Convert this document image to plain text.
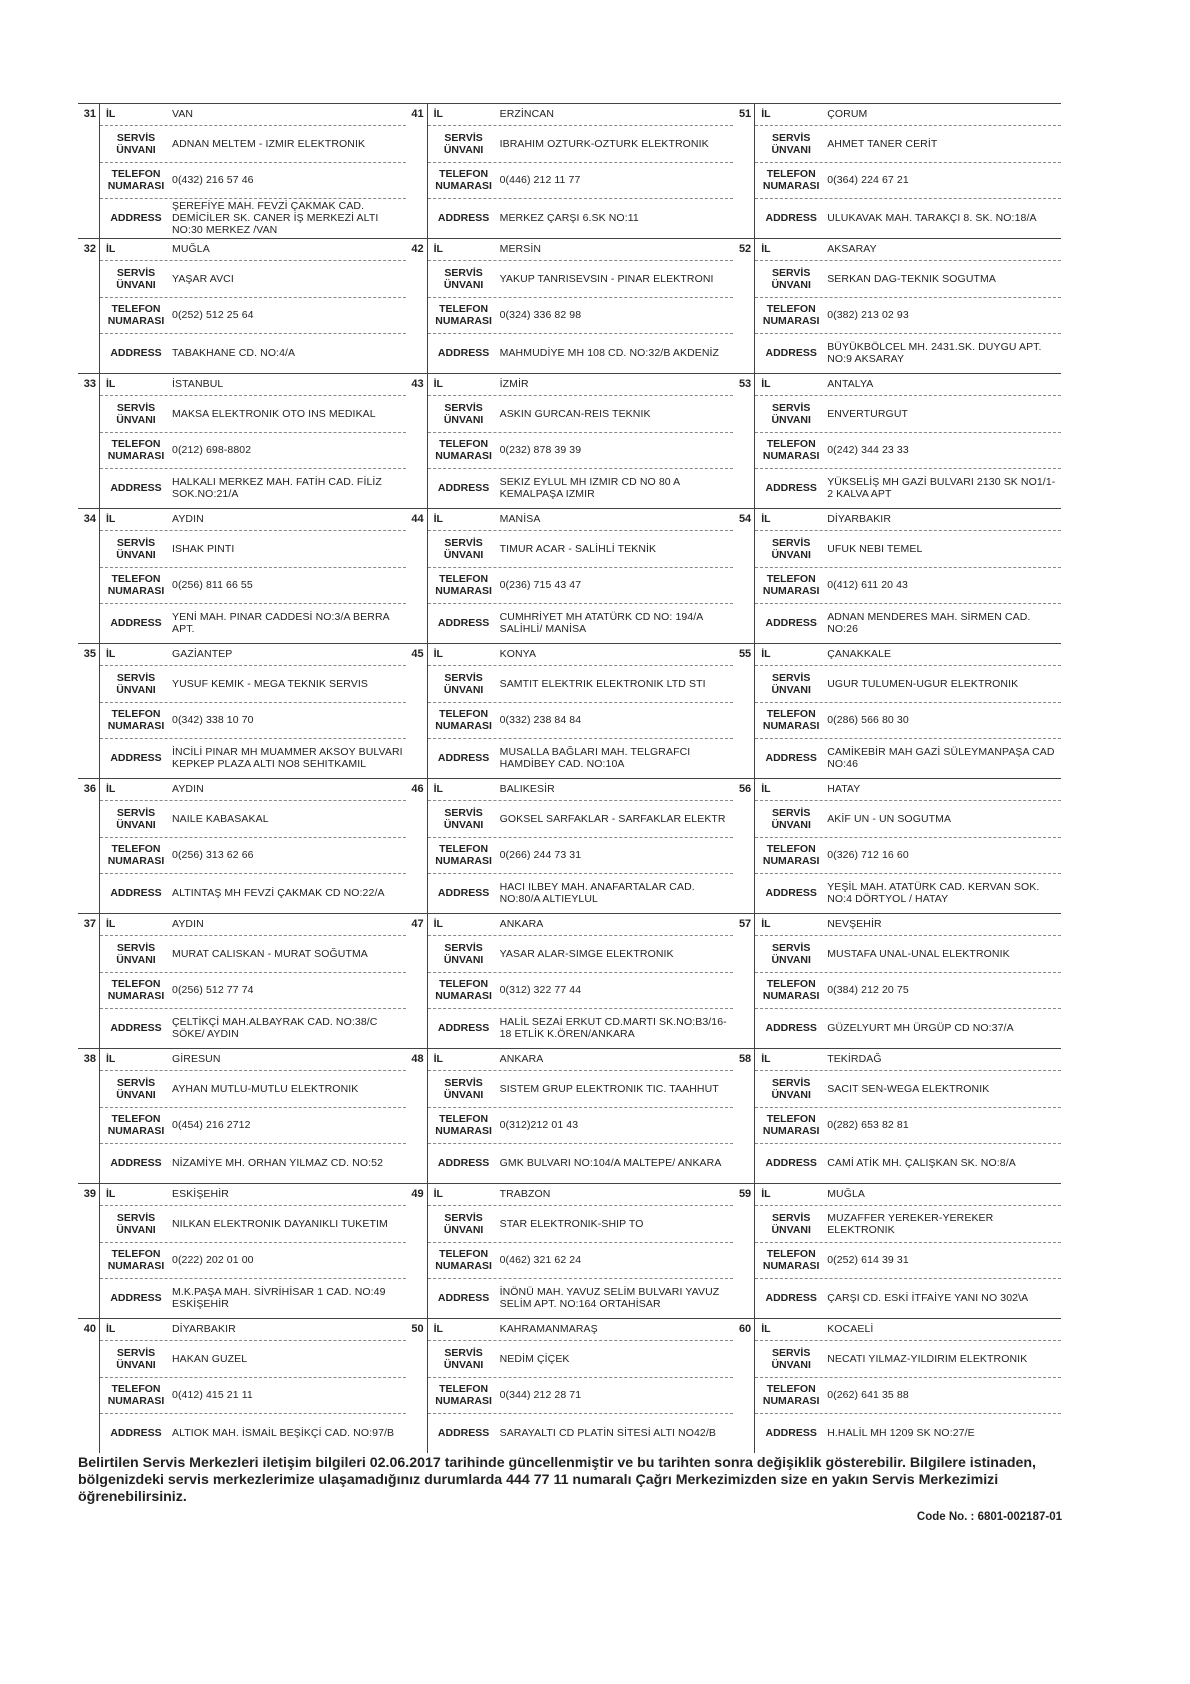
31 İL	VAN
SERVİS
ÜNVANI	ADNAN MELTEM - IZMIR ELEKTRONIK
TELEFON
NUMARASI 0(432) 216 57 46
ADDRESS
ŞEREFİYE MAH. FEVZİ ÇAKMAK CAD. DEMİCİLER SK. CANER İŞ MERKEZİ ALTI NO:30 MERKEZ /VAN
41 İL	ERZİNCAN
SERVİS
ÜNVANI	IBRAHIM OZTURK-OZTURK ELEKTRONIK
TELEFON
NUMARASI 0(446) 212 11 77
ADDRESS MERKEZ ÇARŞI 6.SK NO:11
51 İL	ÇORUM
SERVİS
ÜNVANI	AHMET TANER CERİT
TELEFON
NUMARASI 0(364) 224 67 21
ADDRESS ULUKAVAK MAH. TARAKÇI 8. SK. NO:18/A
32 İL	MUĞLA
SERVİS
ÜNVANI	YAŞAR AVCI
TELEFON
NUMARASI 0(252) 512 25 64
ADDRESS TABAKHANE CD. NO:4/A
42 İL	MERSİN
SERVİS
ÜNVANI	YAKUP TANRISEVSIN - PINAR ELEKTRONI
TELEFON
NUMARASI 0(324) 336 82 98
ADDRESS MAHMUDİYE MH 108 CD. NO:32/B AKDENİZ
52 İL	AKSARAY
SERVİS
ÜNVANI	SERKAN DAG-TEKNIK SOGUTMA
TELEFON
NUMARASI 0(382) 213 02 93
ADDRESS BÜYÜKBÖLCEL MH. 2431.SK. DUYGU APT. NO:9 AKSARAY
33 İL	İSTANBUL
SERVİS
ÜNVANI	MAKSA ELEKTRONIK OTO INS MEDIKAL
TELEFON
NUMARASI 0(212) 698-8802
ADDRESS HALKALI MERKEZ MAH. FATİH CAD. FİLİZ SOK.NO:21/A
43 İL	İZMİR
SERVİS
ÜNVANI	ASKIN GURCAN-REIS TEKNIK
TELEFON
NUMARASI 0(232) 878 39 39
ADDRESS SEKIZ EYLUL MH IZMIR CD NO 80 A KEMALPAŞA IZMIR
53 İL	ANTALYA
SERVİS
ÜNVANI	ENVERTURGUT
TELEFON
NUMARASI 0(242) 344 23 33
ADDRESS YÜKSELİŞ MH GAZİ BULVARI 2130 SK NO1/1-2 KALVA APT
34 İL	AYDIN
SERVİS
ÜNVANI	ISHAK PINTI
TELEFON
NUMARASI 0(256) 811 66 55
ADDRESS YENİ MAH. PINAR CADDESİ NO:3/A BERRA APT.
44 İL	MANİSA
SERVİS
ÜNVANI	TIMUR ACAR - SALİHLİ TEKNİK
TELEFON
NUMARASI 0(236) 715 43 47
ADDRESS CUMHRİYET MH ATATÜRK CD NO: 194/A SALİHLİ/ MANİSA
54 İL	DİYARBAKIR
SERVİS
ÜNVANI	UFUK NEBI TEMEL
TELEFON
NUMARASI 0(412) 611 20 43
ADDRESS ADNAN MENDERES MAH. SİRMEN CAD. NO:26
35 İL	GAZİANTEP
SERVİS
ÜNVANI	YUSUF KEMIK - MEGA TEKNIK SERVIS
TELEFON
NUMARASI 0(342) 338 10 70
ADDRESS İNCİLİ PINAR MH MUAMMER AKSOY BULVARI KEPKEP PLAZA ALTI NO8 SEHITKAMIL
45 İL	KONYA
SERVİS
ÜNVANI	SAMTIT ELEKTRIK ELEKTRONIK LTD STI
TELEFON
NUMARASI 0(332) 238 84 84
ADDRESS MUSALLA BAĞLARI MAH. TELGRAFCI HAMDİBEY CAD. NO:10A
55 İL	ÇANAKKALE
SERVİS
ÜNVANI	UGUR TULUMEN-UGUR ELEKTRONIK
TELEFON
NUMARASI 0(286) 566 80 30
ADDRESS CAMİKEBİR MAH GAZİ SÜLEYMANPAŞA CAD NO:46
36 İL	AYDIN
SERVİS
ÜNVANI	NAILE KABASAKAL
TELEFON
NUMARASI 0(256) 313 62 66
ADDRESS ALTINTAŞ MH FEVZİ ÇAKMAK CD NO:22/A
46 İL	BALIKESİR
SERVİS
ÜNVANI	GOKSEL SARFAKLAR - SARFAKLAR ELEKTR
TELEFON
NUMARASI 0(266) 244 73 31
ADDRESS HACI ILBEY MAH. ANAFARTALAR CAD. NO:80/A ALTIEYLUL
56 İL	HATAY
SERVİS
ÜNVANI	AKİF UN - UN SOGUTMA
TELEFON
NUMARASI 0(326) 712 16 60
ADDRESS YEŞİL MAH. ATATÜRK CAD. KERVAN SOK. NO:4 DÖRTYOL / HATAY
37 İL	AYDIN
SERVİS
ÜNVANI	MURAT CALISKAN - MURAT SOĞUTMA
TELEFON
NUMARASI 0(256) 512 77 74
ADDRESS ÇELTİKÇİ MAH.ALBAYRAK CAD. NO:38/C SÖKE/ AYDIN
47 İL	ANKARA
SERVİS
ÜNVANI	YASAR ALAR-SIMGE ELEKTRONIK
TELEFON
NUMARASI 0(312) 322 77 44
ADDRESS HALİL SEZAİ ERKUT CD.MARTI SK.NO:B3/16-18 ETLİK K.ÖREN/ANKARA
57 İL	NEVŞEHİR
SERVİS
ÜNVANI	MUSTAFA UNAL-UNAL ELEKTRONIK
TELEFON
NUMARASI 0(384) 212 20 75
ADDRESS GÜZELYURT MH ÜRGÜP CD NO:37/A
38 İL	GİRESUN
SERVİS
ÜNVANI	AYHAN MUTLU-MUTLU ELEKTRONIK
TELEFON
NUMARASI 0(454) 216 2712
ADDRESS NİZAMİYE MH. ORHAN YILMAZ CD. NO:52
48 İL	ANKARA
SERVİS
ÜNVANI	SISTEM GRUP ELEKTRONIK TIC. TAAHHUT
TELEFON
NUMARASI 0(312)212 01 43
ADDRESS GMK BULVARI NO:104/A MALTEPE/ ANKARA
58 İL	TEKİRDAĞ
SERVİS
ÜNVANI	SACIT SEN-WEGA ELEKTRONIK
TELEFON
NUMARASI 0(282) 653 82 81
ADDRESS CAMİ ATİK MH. ÇALIŞKAN SK. NO:8/A
39 İL	ESKİŞEHİR
SERVİS
ÜNVANI	NILKAN ELEKTRONIK DAYANIKLI TUKETIM
TELEFON
NUMARASI 0(222) 202 01 00
ADDRESS M.K.PAŞA MAH. SİVRİHİSAR 1 CAD. NO:49 ESKİŞEHİR
49 İL	TRABZON
SERVİS
ÜNVANI	STAR ELEKTRONIK-SHIP TO
TELEFON
NUMARASI 0(462) 321 62 24
ADDRESS İNÖNÜ MAH. YAVUZ SELİM BULVARI YAVUZ SELİM APT. NO:164 ORTAHİSAR
59 İL	MUĞLA
SERVİS
ÜNVANI
MUZAFFER YEREKER-YEREKER ELEKTRONIK
TELEFON
NUMARASI 0(252) 614 39 31
ADDRESS ÇARŞI CD. ESKİ İTFAİYE YANI NO 302\A
40 İL	DİYARBAKIR
SERVİS
ÜNVANI	HAKAN GUZEL
TELEFON
NUMARASI 0(412) 415 21 11
ADDRESS ALTIOK MAH. İSMAİL BEŞİKÇİ CAD. NO:97/B
50 İL	KAHRAMANMARAŞ
SERVİS
ÜNVANI	NEDİM ÇİÇEK
TELEFON
NUMARASI 0(344) 212 28 71
ADDRESS SARAYALTI CD PLATİN SİTESİ ALTI NO42/B
60 İL	KOCAELİ
SERVİS
ÜNVANI	NECATI YILMAZ-YILDIRIM ELEKTRONIK
TELEFON
NUMARASI 0(262) 641 35 88
ADDRESS H.HALİL MH 1209 SK NO:27/E
Belirtilen Servis Merkezleri iletişim bilgileri 02.06.2017 tarihinde güncellenmiştir ve bu tarihten sonra değişiklik gösterebilir. Bilgilere istinaden, bölgenizdeki servis merkezlerimize ulaşamadığınız durumlarda 444 77 11 numaralı Çağrı Merkezimizden size en yakın Servis Merkezimizi öğrenebilirsiniz.
Code No. : 6801-002187-01
